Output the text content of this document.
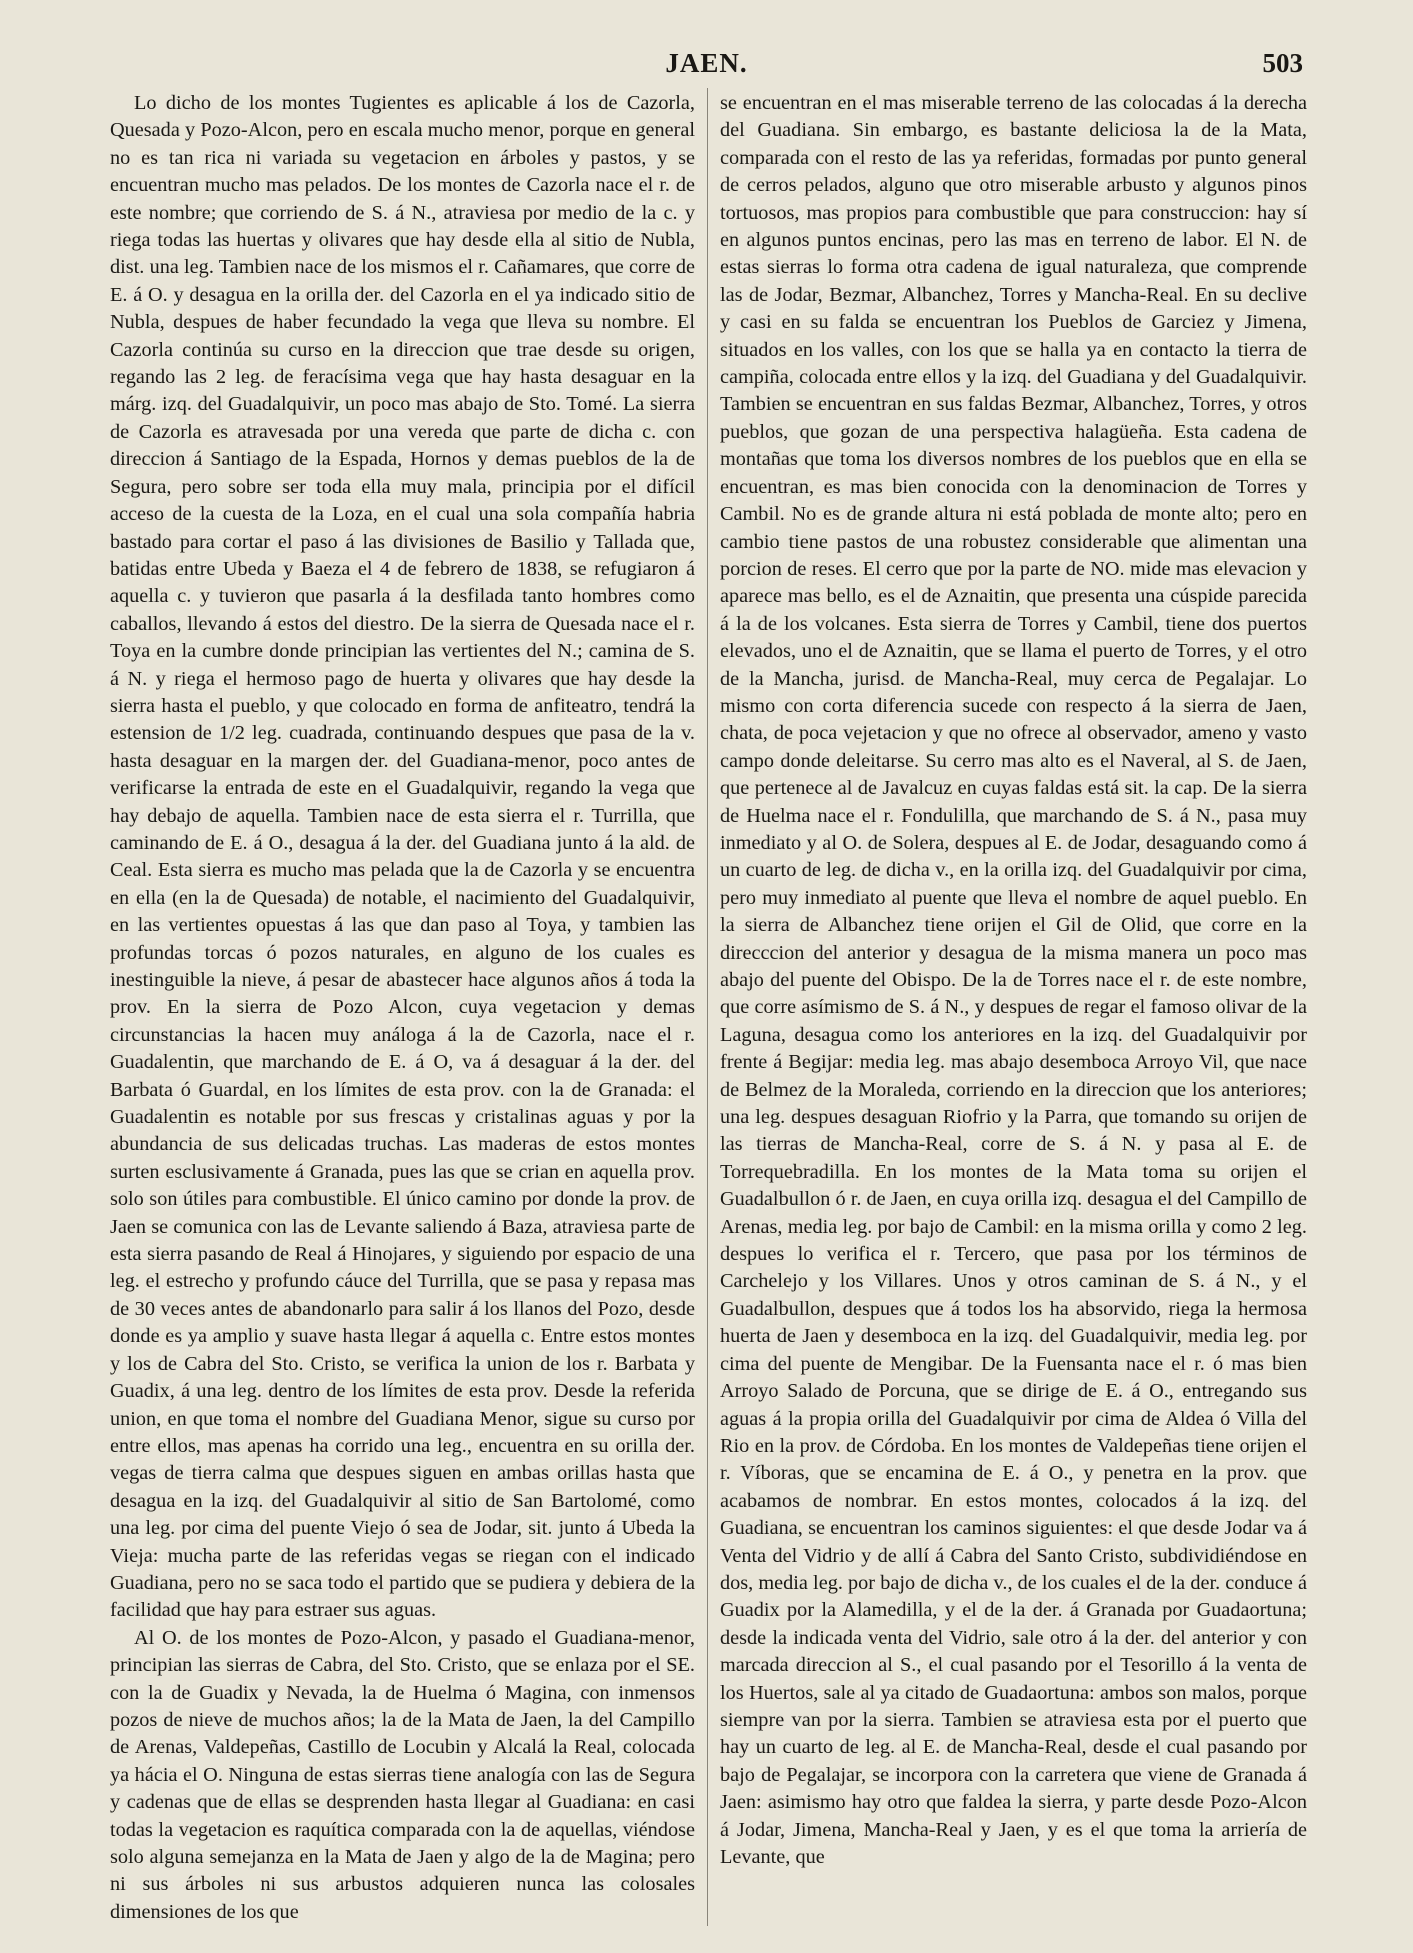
JAEN.	503

Lo dicho de los montes Tugientes es aplicable á los de Cazorla, Quesada y Pozo-Alcon, pero en escala mucho menor, porque en general no es tan rica ni variada su vegetacion en árboles y pastos, y se encuentran mucho mas pelados. De los montes de Cazorla nace el r. de este nombre; que corriendo de S. á N., atraviesa por medio de la c. y riega todas las huertas y olivares que hay desde ella al sitio de Nubla, dist. una leg. Tambien nace de los mismos el r. Cañamares, que corre de E. á O. y desagua en la orilla der. del Cazorla en el ya indicado sitio de Nubla, despues de haber fecundado la vega que lleva su nombre. El Cazorla continúa su curso en la direccion que trae desde su origen, regando las 2 leg. de feracísima vega que hay hasta desaguar en la márg. izq. del Guadalquivir, un poco mas abajo de Sto. Tomé. La sierra de Cazorla es atravesada por una vereda que parte de dicha c. con direccion á Santiago de la Espada, Hornos y demas pueblos de la de Segura, pero sobre ser toda ella muy mala, principia por el difícil acceso de la cuesta de la Loza, en el cual una sola compañía habria bastado para cortar el paso á las divisiones de Basilio y Tallada que, batidas entre Ubeda y Baeza el 4 de febrero de 1838, se refugiaron á aquella c. y tuvieron que pasarla á la desfilada tanto hombres como caballos, llevando á estos del diestro. De la sierra de Quesada nace el r. Toya en la cumbre donde principian las vertientes del N.; camina de S. á N. y riega el hermoso pago de huerta y olivares que hay desde la sierra hasta el pueblo, y que colocado en forma de anfiteatro, tendrá la estension de 1/2 leg. cuadrada, continuando despues que pasa de la v. hasta desaguar en la margen der. del Guadiana-menor, poco antes de verificarse la entrada de este en el Guadalquivir, regando la vega que hay debajo de aquella. Tambien nace de esta sierra el r. Turrilla, que caminando de E. á O., desagua á la der. del Guadiana junto á la ald. de Ceal. Esta sierra es mucho mas pelada que la de Cazorla y se encuentra en ella (en la de Quesada) de notable, el nacimiento del Guadalquivir, en las vertientes opuestas á las que dan paso al Toya, y tambien las profundas torcas ó pozos naturales, en alguno de los cuales es inestinguible la nieve, á pesar de abastecer hace algunos años á toda la prov. En la sierra de Pozo Alcon, cuya vegetacion y demas circunstancias la hacen muy análoga á la de Cazorla, nace el r. Guadalentin, que marchando de E. á O, va á desaguar á la der. del Barbata ó Guardal, en los límites de esta prov. con la de Granada: el Guadalentin es notable por sus frescas y cristalinas aguas y por la abundancia de sus delicadas truchas. Las maderas de estos montes surten esclusivamente á Granada, pues las que se crian en aquella prov. solo son útiles para combustible. El único camino por donde la prov. de Jaen se comunica con las de Levante saliendo á Baza, atraviesa parte de esta sierra pasando de Real á Hinojares, y siguiendo por espacio de una leg. el estrecho y profundo cáuce del Turrilla, que se pasa y repasa mas de 30 veces antes de abandonarlo para salir á los llanos del Pozo, desde donde es ya amplio y suave hasta llegar á aquella c. Entre estos montes y los de Cabra del Sto. Cristo, se verifica la union de los r. Barbata y Guadix, á una leg. dentro de los límites de esta prov. Desde la referida union, en que toma el nombre del Guadiana Menor, sigue su curso por entre ellos, mas apenas ha corrido una leg., encuentra en su orilla der. vegas de tierra calma que despues siguen en ambas orillas hasta que desagua en la izq. del Guadalquivir al sitio de San Bartolomé, como una leg. por cima del puente Viejo ó sea de Jodar, sit. junto á Ubeda la Vieja: mucha parte de las referidas vegas se riegan con el indicado Guadiana, pero no se saca todo el partido que se pudiera y debiera de la facilidad que hay para estraer sus aguas.

Al O. de los montes de Pozo-Alcon, y pasado el Guadiana-menor, principian las sierras de Cabra, del Sto. Cristo, que se enlaza por el SE. con la de Guadix y Nevada, la de Huelma ó Magina, con inmensos pozos de nieve de muchos años; la de la Mata de Jaen, la del Campillo de Arenas, Valdepeñas, Castillo de Locubin y Alcalá la Real, colocada ya hácia el O. Ninguna de estas sierras tiene analogía con las de Segura y cadenas que de ellas se desprenden hasta llegar al Guadiana: en casi todas la vegetacion es raquítica comparada con la de aquellas, viéndose solo alguna semejanza en la Mata de Jaen y algo de la de Magina; pero ni sus árboles ni sus arbustos adquieren nunca las colosales dimensiones de los que

se encuentran en el mas miserable terreno de las colocadas á la derecha del Guadiana. Sin embargo, es bastante deliciosa la de la Mata, comparada con el resto de las ya referidas, formadas por punto general de cerros pelados, alguno que otro miserable arbusto y algunos pinos tortuosos, mas propios para combustible que para construccion: hay sí en algunos puntos encinas, pero las mas en terreno de labor. El N. de estas sierras lo forma otra cadena de igual naturaleza, que comprende las de Jodar, Bezmar, Albanchez, Torres y Mancha-Real. En su declive y casi en su falda se encuentran los Pueblos de Garciez y Jimena, situados en los valles, con los que se halla ya en contacto la tierra de campiña, colocada entre ellos y la izq. del Guadiana y del Guadalquivir. Tambien se encuentran en sus faldas Bezmar, Albanchez, Torres, y otros pueblos, que gozan de una perspectiva halagüeña. Esta cadena de montañas que toma los diversos nombres de los pueblos que en ella se encuentran, es mas bien conocida con la denominacion de Torres y Cambil. No es de grande altura ni está poblada de monte alto; pero en cambio tiene pastos de una robustez considerable que alimentan una porcion de reses. El cerro que por la parte de NO. mide mas elevacion y aparece mas bello, es el de Aznaitin, que presenta una cúspide parecida á la de los volcanes. Esta sierra de Torres y Cambil, tiene dos puertos elevados, uno el de Aznaitin, que se llama el puerto de Torres, y el otro de la Mancha, jurisd. de Mancha-Real, muy cerca de Pegalajar. Lo mismo con corta diferencia sucede con respecto á la sierra de Jaen, chata, de poca vejetacion y que no ofrece al observador, ameno y vasto campo donde deleitarse. Su cerro mas alto es el Naveral, al S. de Jaen, que pertenece al de Javalcuz en cuyas faldas está sit. la cap. De la sierra de Huelma nace el r. Fondulilla, que marchando de S. á N., pasa muy inmediato y al O. de Solera, despues al E. de Jodar, desaguando como á un cuarto de leg. de dicha v., en la orilla izq. del Guadalquivir por cima, pero muy inmediato al puente que lleva el nombre de aquel pueblo. En la sierra de Albanchez tiene orijen el Gil de Olid, que corre en la direcccion del anterior y desagua de la misma manera un poco mas abajo del puente del Obispo. De la de Torres nace el r. de este nombre, que corre asímismo de S. á N., y despues de regar el famoso olivar de la Laguna, desagua como los anteriores en la izq. del Guadalquivir por frente á Begijar: media leg. mas abajo desemboca Arroyo Vil, que nace de Belmez de la Moraleda, corriendo en la direccion que los anteriores; una leg. despues desaguan Riofrio y la Parra, que tomando su orijen de las tierras de Mancha-Real, corre de S. á N. y pasa al E. de Torrequebradilla. En los montes de la Mata toma su orijen el Guadalbullon ó r. de Jaen, en cuya orilla izq. desagua el del Campillo de Arenas, media leg. por bajo de Cambil: en la misma orilla y como 2 leg. despues lo verifica el r. Tercero, que pasa por los términos de Carchelejo y los Villares. Unos y otros caminan de S. á N., y el Guadalbullon, despues que á todos los ha absorvido, riega la hermosa huerta de Jaen y desemboca en la izq. del Guadalquivir, media leg. por cima del puente de Mengibar. De la Fuensanta nace el r. ó mas bien Arroyo Salado de Porcuna, que se dirige de E. á O., entregando sus aguas á la propia orilla del Guadalquivir por cima de Aldea ó Villa del Rio en la prov. de Córdoba. En los montes de Valdepeñas tiene orijen el r. Víboras, que se encamina de E. á O., y penetra en la prov. que acabamos de nombrar. En estos montes, colocados á la izq. del Guadiana, se encuentran los caminos siguientes: el que desde Jodar va á Venta del Vidrio y de allí á Cabra del Santo Cristo, subdividiéndose en dos, media leg. por bajo de dicha v., de los cuales el de la der. conduce á Guadix por la Alamedilla, y el de la der. á Granada por Guadaortuna; desde la indicada venta del Vidrio, sale otro á la der. del anterior y con marcada direccion al S., el cual pasando por el Tesorillo á la venta de los Huertos, sale al ya citado de Guadaortuna: ambos son malos, porque siempre van por la sierra. Tambien se atraviesa esta por el puerto que hay un cuarto de leg. al E. de Mancha-Real, desde el cual pasando por bajo de Pegalajar, se incorpora con la carretera que viene de Granada á Jaen: asimismo hay otro que faldea la sierra, y parte desde Pozo-Alcon á Jodar, Jimena, Mancha-Real y Jaen, y es el que toma la arriería de Levante, que
